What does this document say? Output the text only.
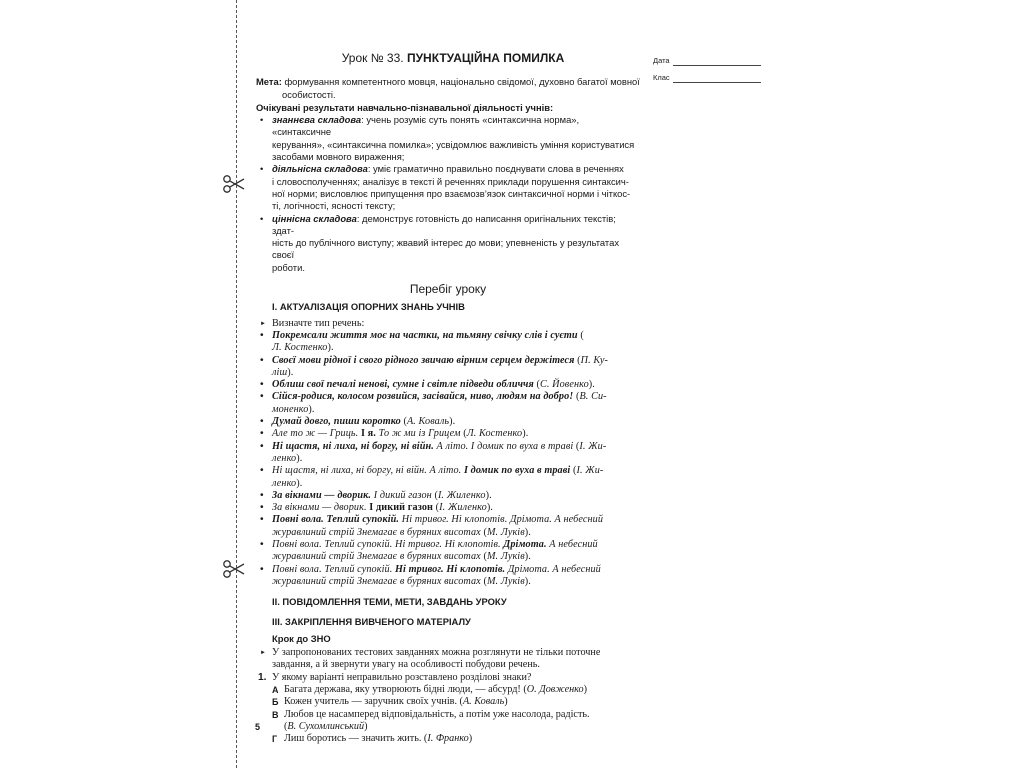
Урок № 33. ПУНКТУАЦІЙНА ПОМИЛКА
Мета: формування компетентного мовця, національно свідомої, духовно багатої мовної
особистості.
Очікувані результати навчально-пізнавальної діяльності учнів:
• знаннєва складова: учень розуміє суть понять «синтаксична норма», «синтаксичне
керування», «синтаксична помилка»; усвідомлює важливість уміння користуватися
засобами мовного вираження;
• діяльнісна складова: уміє граматично правильно поєднувати слова в реченнях
і словосполученнях; аналізує в тексті й реченнях приклади порушення синтаксич-
ної норми; висловлює припущення про взаємозв’язок синтаксичної норми і чіткос-
ті, логічності, ясності тексту;
• ціннісна складова: демонструє готовність до написання оригінальних текстів; здат-
ність до публічного виступу; жвавий інтерес до мови; упевненість у результатах своєї
роботи.
Перебіг уроку
I. АКТУАЛІЗАЦІЯ ОПОРНИХ ЗНАНЬ УЧНІВ
► Визначте тип речень:
• Покремсали життя моє на частки, на тьмяну свічку слів і суєти (
Л. Костенко).
• Своєї мови рідної і свого рідного звичаю вірним серцем держітеся (П. Ку-
ліш).
• Облиш свої печалі ненові, сумне і світле підведи обличчя (С. Йовенко).
• Сійся-родися, колосом розвийся, засівайся, ниво, людям на добро! (В. Си-
моненко).
• Думай довго, пиши коротко (А. Коваль).
• Але то ж — Гриць. І я. То ж ми із Грицем (Л. Костенко).
• Ні щастя, ні лиха, ні боргу, ні війн. А літо. І домик по вуха в траві (І. Жи-
ленко).
• Ні щастя, ні лиха, ні боргу, ні війн. А літо. І домик по вуха в траві (І. Жи-
ленко).
• За вікнами — дворик. І дикий газон (І. Жиленко).
• За вікнами — дворик. І дикий газон (І. Жиленко).
• Повні вола. Теплий супокій. Ні тривог. Ні клопотів. Дрімота. А небесний
журавлиний стрій Знемагає в буряних висотах (М. Луків).
• Повні вола. Теплий супокій. Ні тривог. Ні клопотів. Дрімота. А небесний
журавлиний стрій Знемагає в буряних висотах (М. Луків).
• Повні вола. Теплий супокій. Ні тривог. Ні клопотів. Дрімота. А небесний
журавлиний стрій Знемагає в буряних висотах (М. Луків).
II. ПОВІДОМЛЕННЯ ТЕМИ, МЕТИ, ЗАВДАНЬ УРОКУ
III. ЗАКРІПЛЕННЯ ВИВЧЕНОГО МАТЕРІАЛУ
Крок до ЗНО
► У запропонованих тестових завданнях можна розглянути не тільки поточне
завдання, а й звернути увагу на особливості побудови речень.
1. У якому варіанті неправильно розставлено розділові знаки?
А Багата держава, яку утворюють бідні люди, — абсурд! (О. Довженко)
Б Кожен учитель — заручник своїх учнів. (А. Коваль)
В Любов це насамперед відповідальність, а потім уже насолода, радість.
(В. Сухомлинський)
Г Лиш боротись — значить жить. (І. Франко)
5
Дата
Клас
